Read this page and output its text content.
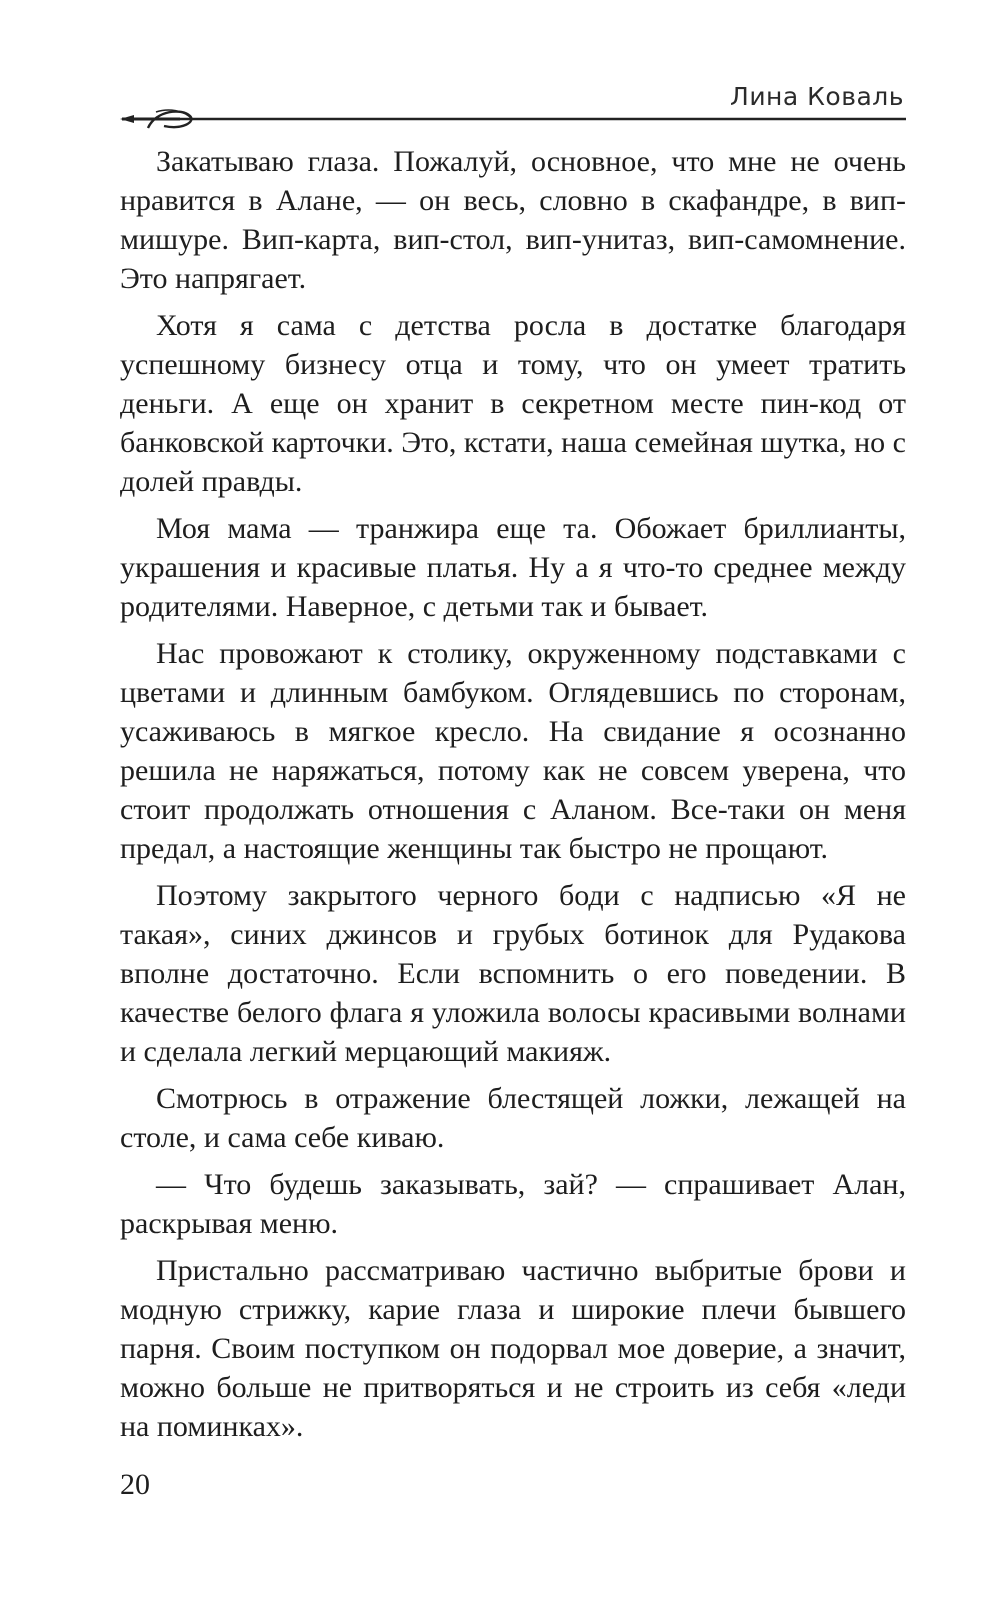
Лина Коваль

Закатываю глаза. Пожалуй, основное, что мне не очень нравится в Алане, — он весь, словно в скафандре, в вип-мишуре. Вип-карта, вип-стол, вип-унитаз, вип-самомнение. Это напрягает.

Хотя я сама с детства росла в достатке благодаря успешному бизнесу отца и тому, что он умеет тратить деньги. А еще он хранит в секретном месте пин-код от банковской карточки. Это, кстати, наша семейная шутка, но с долей правды.

Моя мама — транжира еще та. Обожает бриллианты, украшения и красивые платья. Ну а я что-то среднее между родителями. Наверное, с детьми так и бывает.

Нас провожают к столику, окруженному подставками с цветами и длинным бамбуком. Оглядевшись по сторонам, усаживаюсь в мягкое кресло. На свидание я осознанно решила не наряжаться, потому как не совсем уверена, что стоит продолжать отношения с Аланом. Все-таки он меня предал, а настоящие женщины так быстро не прощают.

Поэтому закрытого черного боди с надписью «Я не такая», синих джинсов и грубых ботинок для Рудакова вполне достаточно. Если вспомнить о его поведении. В качестве белого флага я уложила волосы красивыми волнами и сделала легкий мерцающий макияж.

Смотрюсь в отражение блестящей ложки, лежащей на столе, и сама себе киваю.

— Что будешь заказывать, зай? — спрашивает Алан, раскрывая меню.

Пристально рассматриваю частично выбритые брови и модную стрижку, карие глаза и широкие плечи бывшего парня. Своим поступком он подорвал мое доверие, а значит, можно больше не притворяться и не строить из себя «леди на поминках».

20
